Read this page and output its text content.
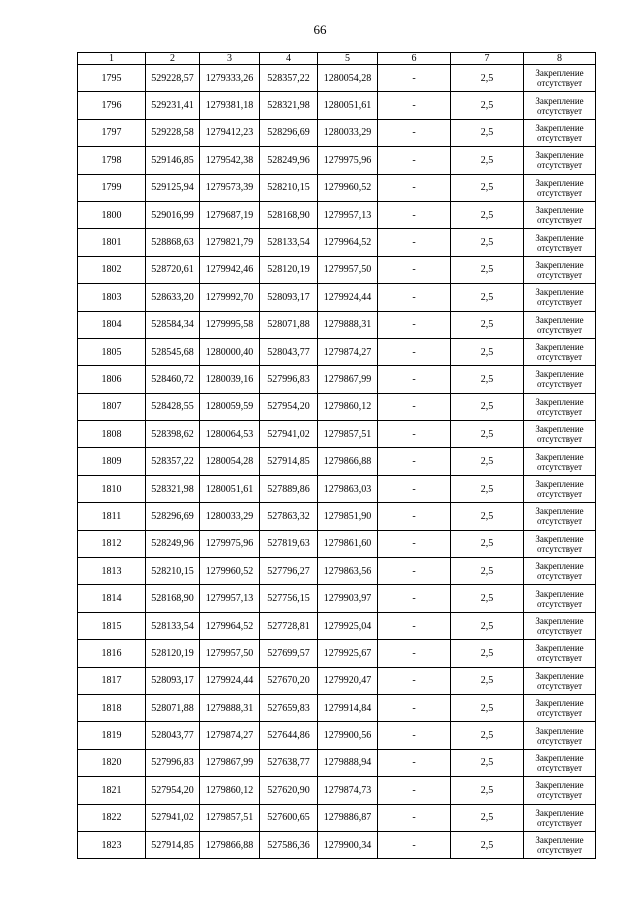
66
1	2	3	4	5	6	7	8
1795	529228,57	1279333,26	528357,22	1280054,28	-	2,5	Закрепление
отсутствует

1796	529231,41	1279381,18	528321,98	1280051,61	-	2,5	Закрепление
отсутствует

1797	529228,58	1279412,23	528296,69	1280033,29	-	2,5	Закрепление
отсутствует

1798	529146,85	1279542,38	528249,96	1279975,96	-	2,5	Закрепление
отсутствует

1799	529125,94	1279573,39	528210,15	1279960,52	-	2,5	Закрепление
отсутствует

1800	529016,99	1279687,19	528168,90	1279957,13	-	2,5	Закрепление
отсутствует

1801	528868,63	1279821,79	528133,54	1279964,52	-	2,5	Закрепление
отсутствует

1802	528720,61	1279942,46	528120,19	1279957,50	-	2,5	Закрепление
отсутствует

1803	528633,20	1279992,70	528093,17	1279924,44	-	2,5	Закрепление
отсутствует

1804	528584,34	1279995,58	528071,88	1279888,31	-	2,5	Закрепление
отсутствует

1805	528545,68	1280000,40	528043,77	1279874,27	-	2,5	Закрепление
отсутствует

1806	528460,72	1280039,16	527996,83	1279867,99	-	2,5	Закрепление
отсутствует

1807	528428,55	1280059,59	527954,20	1279860,12	-	2,5	Закрепление
отсутствует

1808	528398,62	1280064,53	527941,02	1279857,51	-	2,5	Закрепление
отсутствует

1809	528357,22	1280054,28	527914,85	1279866,88	-	2,5	Закрепление
отсутствует

1810	528321,98	1280051,61	527889,86	1279863,03	-	2,5	Закрепление
отсутствует

1811	528296,69	1280033,29	527863,32	1279851,90	-	2,5	Закрепление
отсутствует

1812	528249,96	1279975,96	527819,63	1279861,60	-	2,5	Закрепление
отсутствует

1813	528210,15	1279960,52	527796,27	1279863,56	-	2,5	Закрепление
отсутствует

1814	528168,90	1279957,13	527756,15	1279903,97	-	2,5	Закрепление
отсутствует

1815	528133,54	1279964,52	527728,81	1279925,04	-	2,5	Закрепление
отсутствует

1816	528120,19	1279957,50	527699,57	1279925,67	-	2,5	Закрепление
отсутствует

1817	528093,17	1279924,44	527670,20	1279920,47	-	2,5	Закрепление
отсутствует

1818	528071,88	1279888,31	527659,83	1279914,84	-	2,5	Закрепление
отсутствует

1819	528043,77	1279874,27	527644,86	1279900,56	-	2,5	Закрепление
отсутствует

1820	527996,83	1279867,99	527638,77	1279888,94	-	2,5	Закрепление
отсутствует

1821	527954,20	1279860,12	527620,90	1279874,73	-	2,5	Закрепление
отсутствует

1822	527941,02	1279857,51	527600,65	1279886,87	-	2,5	Закрепление
отсутствует

1823	527914,85	1279866,88	527586,36	1279900,34	-	2,5	Закрепление
отсутствует
